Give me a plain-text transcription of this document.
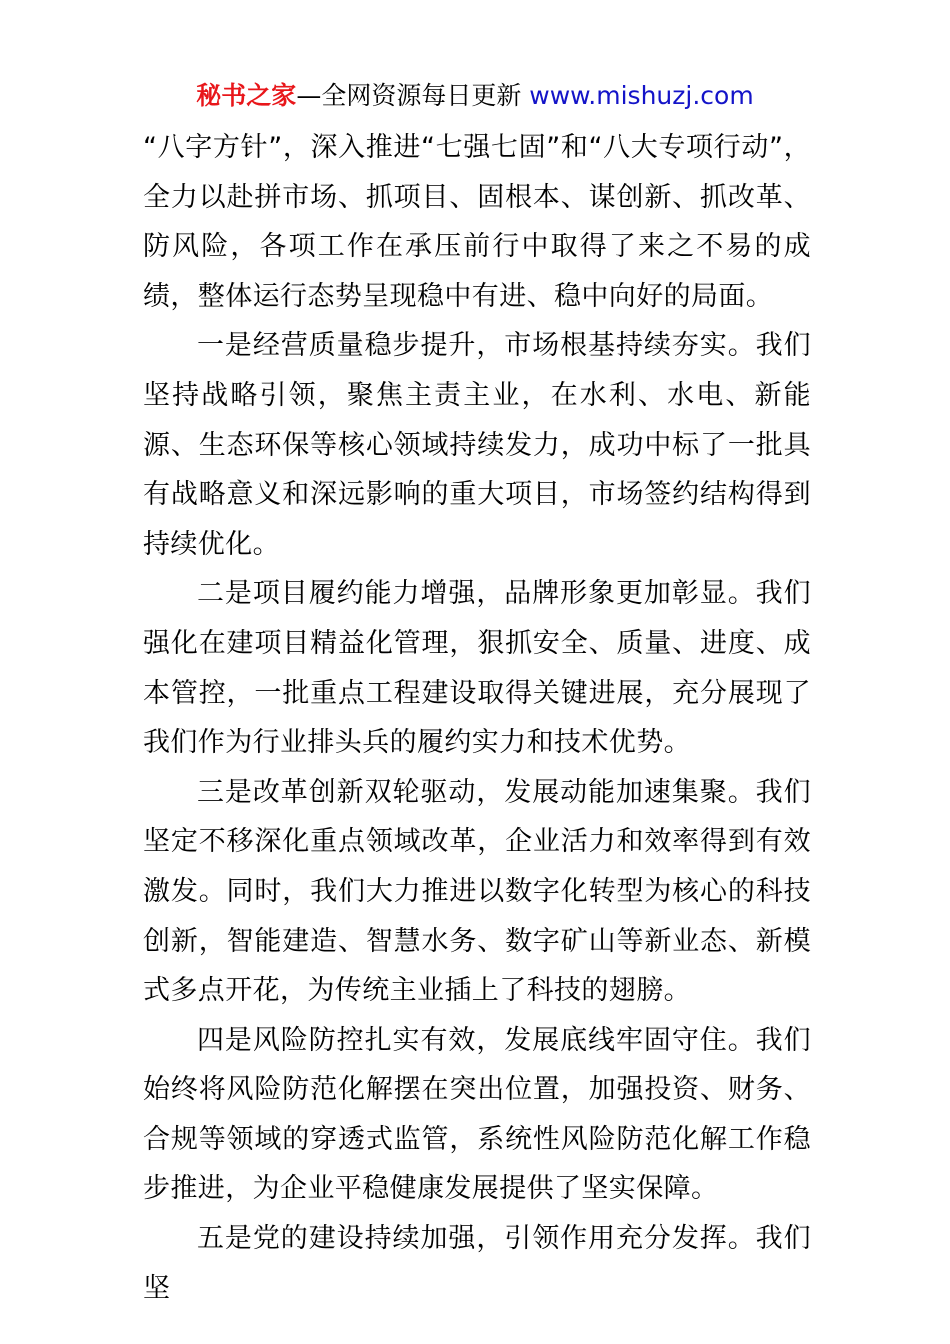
秘书之家—全网资源每日更新 www.mishuzj.com

“八字方针”，深入推进“七强七固”和“八大专项行动”，全力以赴拼市场、抓项目、固根本、谋创新、抓改革、防风险，各项工作在承压前行中取得了来之不易的成绩，整体运行态势呈现稳中有进、稳中向好的局面。

一是经营质量稳步提升，市场根基持续夯实。我们坚持战略引领，聚焦主责主业，在水利、水电、新能源、生态环保等核心领域持续发力，成功中标了一批具有战略意义和深远影响的重大项目，市场签约结构得到持续优化。

二是项目履约能力增强，品牌形象更加彰显。我们强化在建项目精益化管理，狠抓安全、质量、进度、成本管控，一批重点工程建设取得关键进展，充分展现了我们作为行业排头兵的履约实力和技术优势。

三是改革创新双轮驱动，发展动能加速集聚。我们坚定不移深化重点领域改革，企业活力和效率得到有效激发。同时，我们大力推进以数字化转型为核心的科技创新，智能建造、智慧水务、数字矿山等新业态、新模式多点开花，为传统主业插上了科技的翅膀。

四是风险防控扎实有效，发展底线牢固守住。我们始终将风险防范化解摆在突出位置，加强投资、财务、合规等领域的穿透式监管，系统性风险防范化解工作稳步推进，为企业平稳健康发展提供了坚实保障。

五是党的建设持续加强，引领作用充分发挥。我们坚
